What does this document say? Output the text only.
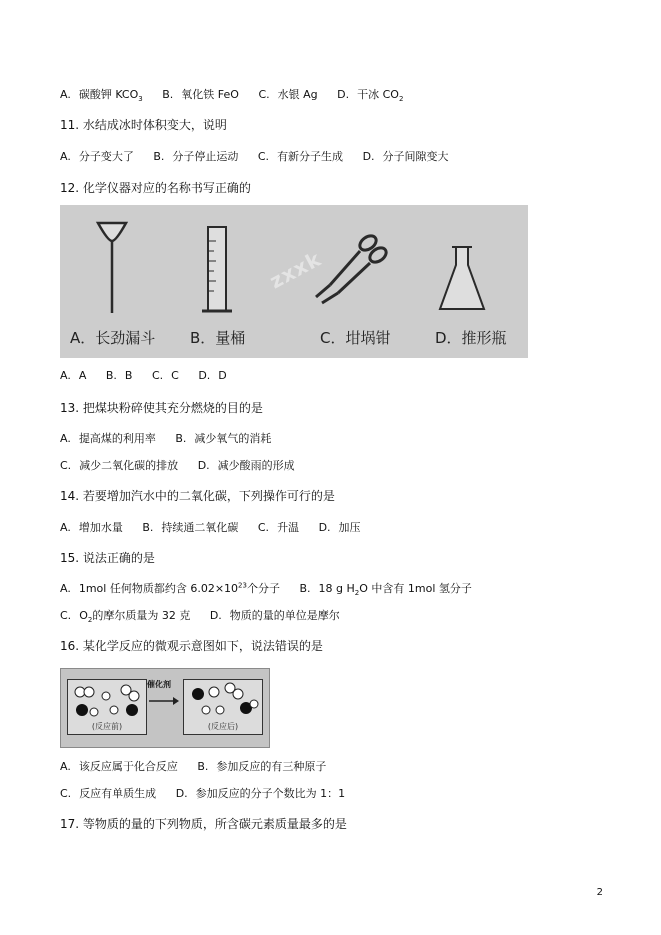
A. 碳酸钾 $KCO_3$ B. 氧化铁 FeO C. 水银 Ag D. 干冰 $CO_2$
11. 水结成冰时体积变大，说明
A. 分子变大了 B. 分子停止运动 C. 有新分子生成 D. 分子间隙变大
12. 化学仪器对应的名称书写正确的
A．长劲漏斗 B．量桶	C．坩埚钳	D．推形瓶
zxxk
A. A B. B C. C D. D
13. 把煤块粉碎使其充分燃烧的目的是
A. 提高煤的利用率 B. 减少氧气的消耗
C. 减少二氧化碳的排放 D. 减少酸雨的形成
14. 若要增加汽水中的二氧化碳，下列操作可行的是
A. 增加水量 B. 持续通二氧化碳 C. 升温 D. 加压
15. 说法正确的是
A. 1mol 任何物质都约含 $6.02\times 10^{23}$个分子 B. 18 g $H_2O$ 中含有 1mol 氢分子
C. $O_2$的摩尔质量为 32 克 D. 物质的量的单位是摩尔
16. 某化学反应的微观示意图如下，说法错误的是
(反应前)
催化剂
(反应后)
A. 该反应属于化合反应 B. 参加反应的有三种原子
C. 反应有单质生成 D. 参加反应的分子个数比为 1：1
17. 等物质的量的下列物质，所含碳元素质量最多的是
2
